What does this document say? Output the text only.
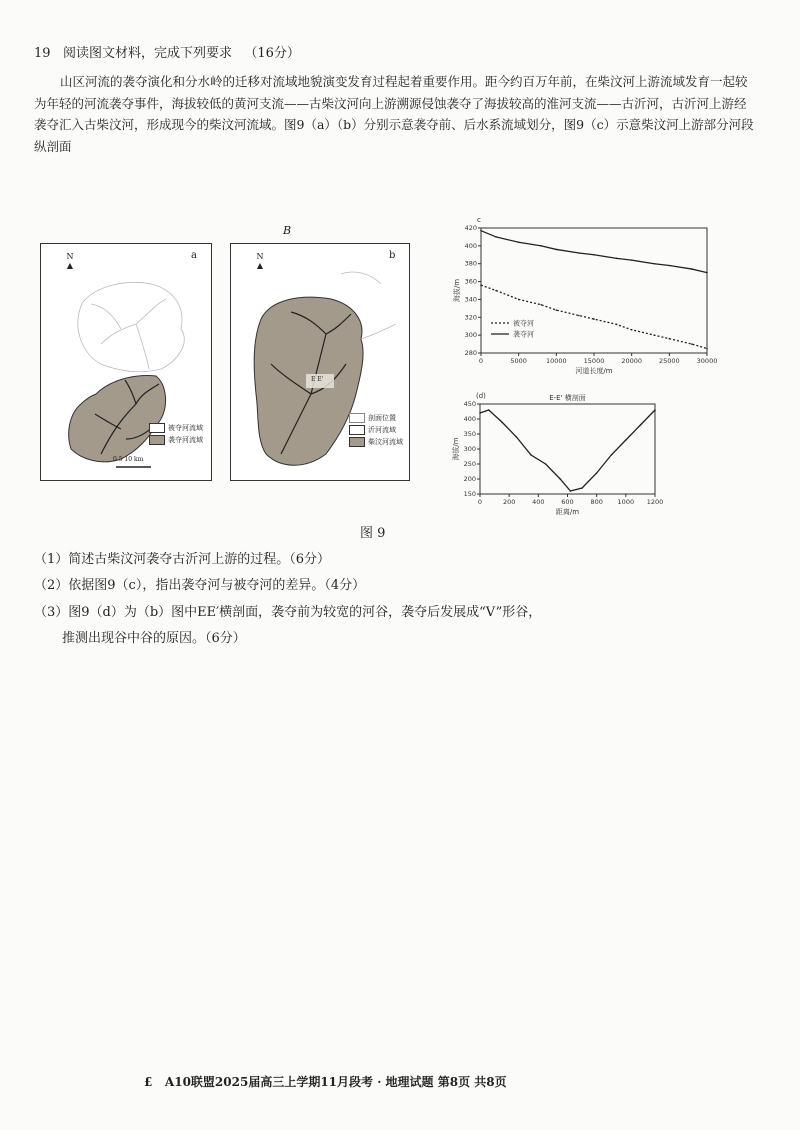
19 阅读图文材料，完成下列要求 （16分）
山区河流的袭夺演化和分水岭的迁移对流域地貌演变发育过程起着重要作用。距今约百万年前，在柴汶河上游流域发育一起较为年轻的河流袭夺事件，海拔较低的黄河支流——古柴汶河向上游溯源侵蚀袭夺了海拔较高的淮河支流——古沂河，古沂河上游经袭夺汇入古柴汶河，形成现今的柴汶河流域。图9（a）（b）分别示意袭夺前、后水系流域划分，图9（c）示意柴汶河上游部分河段纵剖面
B
a
N
▲
被夺河流域
袭夺河流域
0 5 10 km
b
N
▲
E E'
剖面位置
沂河流域
柴汶河流域
0	5000	10000	15000	20000	25000	30000
280
300
320
340
360
380
400
420
河道长度/m
海拔/m
c
被夺河
袭夺河
0	200	400	600	800 1000 1200
150
200
250
300
350
400
450
距离/m
海拔/m
E-E' 横剖面
(d)
图 9
（1）简述古柴汶河袭夺古沂河上游的过程。（6分）
（2）依据图9（c），指出袭夺河与被夺河的差异。（4分）
（3）图9（d）为（b）图中EE′横剖面，袭夺前为较宽的河谷，袭夺后发展成“V”形谷，
推测出现谷中谷的原因。（6分）
£ A10联盟2025届高三上学期11月段考 · 地理试题 第8页 共8页
